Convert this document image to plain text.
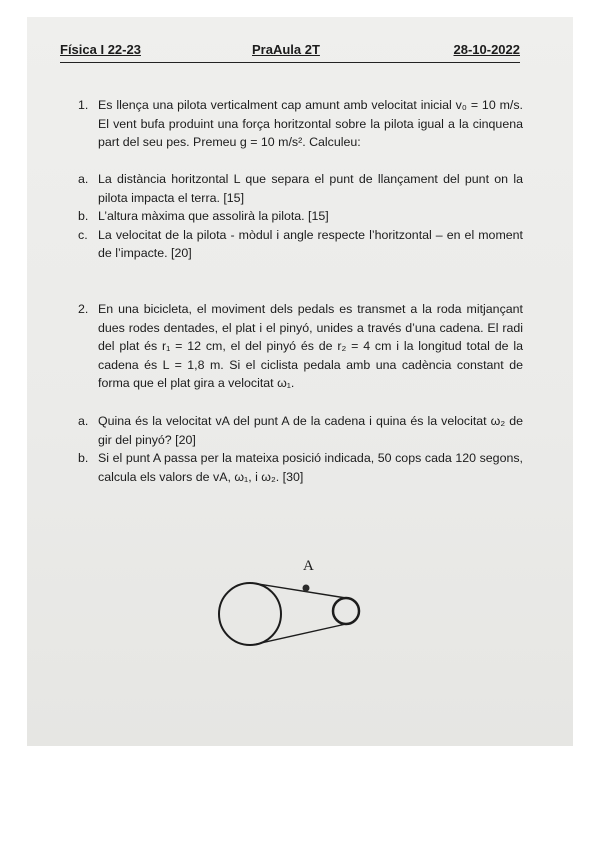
Física I 22-23	PraAula 2T	28-10-2022
1. Es llença una pilota verticalment cap amunt amb velocitat inicial v₀ = 10 m/s. El vent bufa produint una força horitzontal sobre la pilota igual a la cinquena part del seu pes. Premeu g = 10 m/s². Calculeu:
a. La distància horitzontal L que separa el punt de llançament del punt on la pilota impacta el terra. [15]
b. L’altura màxima que assolirà la pilota. [15]
c. La velocitat de la pilota - mòdul i angle respecte l’horitzontal – en el moment de l’impacte. [20]
2. En una bicicleta, el moviment dels pedals es transmet a la roda mitjançant dues rodes dentades, el plat i el pinyó, unides a través d’una cadena. El radi del plat és r₁ = 12 cm, el del pinyó és de r₂ = 4 cm i la longitud total de la cadena és L = 1,8 m. Si el ciclista pedala amb una cadència constant de forma que el plat gira a velocitat ω₁.
a. Quina és la velocitat vA del punt A de la cadena i quina és la velocitat ω₂ de gir del pinyó? [20]
b. Si el punt A passa per la mateixa posició indicada, 50 cops cada 120 segons, calcula els valors de vA, ω₁, i ω₂. [30]
A
